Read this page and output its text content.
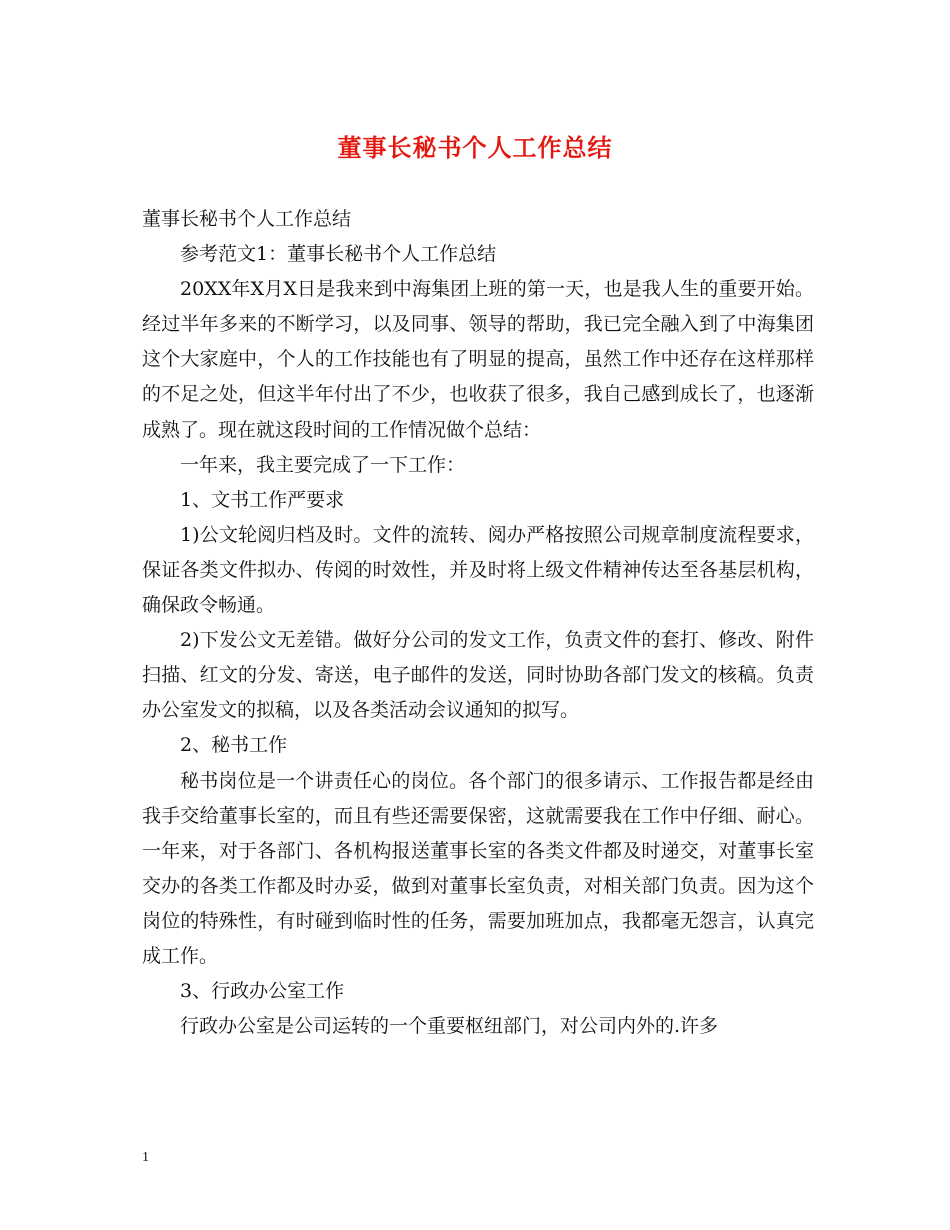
董事长秘书个人工作总结

董事长秘书个人工作总结

参考范文1：董事长秘书个人工作总结

20XX年X月X日是我来到中海集团上班的第一天，也是我人生的重要开始。经过半年多来的不断学习，以及同事、领导的帮助，我已完全融入到了中海集团这个大家庭中，个人的工作技能也有了明显的提高，虽然工作中还存在这样那样的不足之处，但这半年付出了不少，也收获了很多，我自己感到成长了，也逐渐成熟了。现在就这段时间的工作情况做个总结：

一年来，我主要完成了一下工作：

1、文书工作严要求

1)公文轮阅归档及时。文件的流转、阅办严格按照公司规章制度流程要求，保证各类文件拟办、传阅的时效性，并及时将上级文件精神传达至各基层机构，确保政令畅通。

2)下发公文无差错。做好分公司的发文工作，负责文件的套打、修改、附件扫描、红文的分发、寄送，电子邮件的发送，同时协助各部门发文的核稿。负责办公室发文的拟稿，以及各类活动会议通知的拟写。

2、秘书工作

秘书岗位是一个讲责任心的岗位。各个部门的很多请示、工作报告都是经由我手交给董事长室的，而且有些还需要保密，这就需要我在工作中仔细、耐心。一年来，对于各部门、各机构报送董事长室的各类文件都及时递交，对董事长室交办的各类工作都及时办妥，做到对董事长室负责，对相关部门负责。因为这个岗位的特殊性，有时碰到临时性的任务，需要加班加点，我都毫无怨言，认真完成工作。

3、行政办公室工作

行政办公室是公司运转的一个重要枢纽部门，对公司内外的.许多

1
